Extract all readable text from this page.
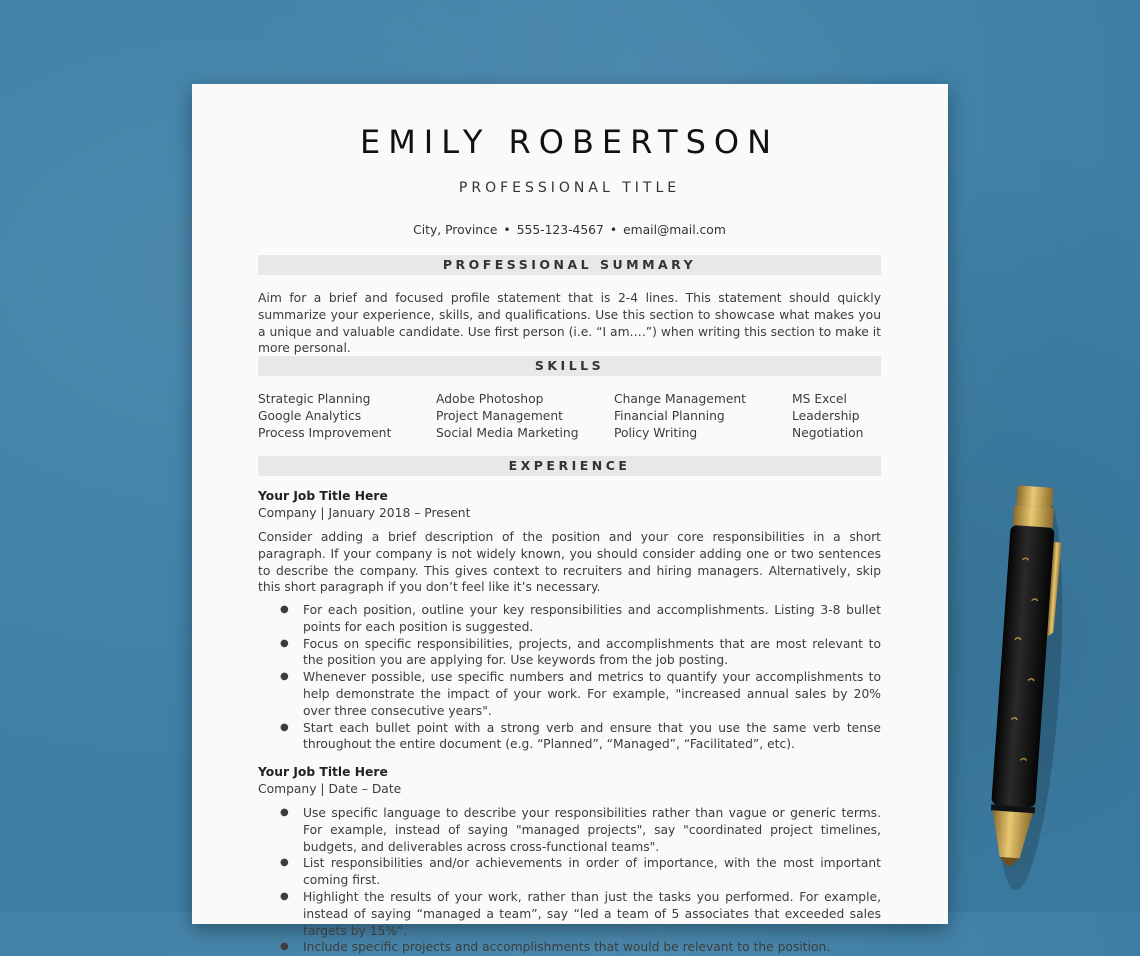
EMILY ROBERTSON
PROFESSIONAL TITLE
City, Province • 555-123-4567 • email@mail.com
PROFESSIONAL SUMMARY
Aim for a brief and focused profile statement that is 2-4 lines. This statement should quickly summarize your experience, skills, and qualifications. Use this section to showcase what makes you a unique and valuable candidate. Use first person (i.e. “I am….”) when writing this section to make it more personal.
SKILLS
Strategic Planning	Adobe Photoshop	Change Management	MS Excel
Google Analytics	Project Management	Financial Planning	Leadership
Process Improvement	Social Media Marketing	Policy Writing	Negotiation
EXPERIENCE
Your Job Title Here
Company | January 2018 – Present
Consider adding a brief description of the position and your core responsibilities in a short paragraph. If your company is not widely known, you should consider adding one or two sentences to describe the company. This gives context to recruiters and hiring managers. Alternatively, skip this short paragraph if you don’t feel like it’s necessary.
● For each position, outline your key responsibilities and accomplishments. Listing 3-8 bullet points for each position is suggested.
● Focus on specific responsibilities, projects, and accomplishments that are most relevant to the position you are applying for. Use keywords from the job posting.
● Whenever possible, use specific numbers and metrics to quantify your accomplishments to help demonstrate the impact of your work. For example, "increased annual sales by 20% over three consecutive years".
● Start each bullet point with a strong verb and ensure that you use the same verb tense throughout the entire document (e.g. “Planned”, “Managed”, “Facilitated”, etc).
Your Job Title Here
Company | Date – Date
● Use specific language to describe your responsibilities rather than vague or generic terms. For example, instead of saying "managed projects", say "coordinated project timelines, budgets, and deliverables across cross-functional teams".
● List responsibilities and/or achievements in order of importance, with the most important coming first.
● Highlight the results of your work, rather than just the tasks you performed. For example, instead of saying “managed a team”, say “led a team of 5 associates that exceeded sales targets by 15%”.
● Include specific projects and accomplishments that would be relevant to the position.
